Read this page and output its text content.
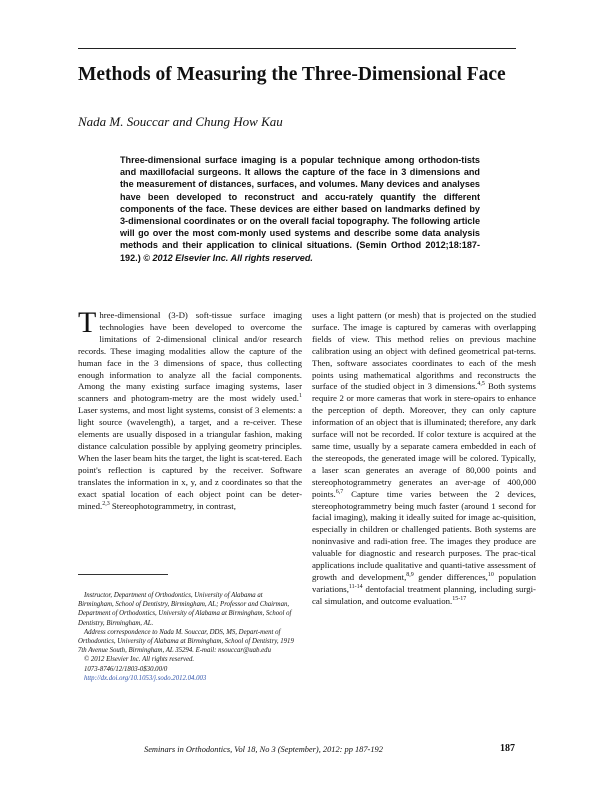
Methods of Measuring the Three-Dimensional Face
Nada M. Souccar and Chung How Kau
Three-dimensional surface imaging is a popular technique among orthodon-tists and maxillofacial surgeons. It allows the capture of the face in 3 dimensions and the measurement of distances, surfaces, and volumes. Many devices and analyses have been developed to reconstruct and accu-rately quantify the different components of the face. These devices are either based on landmarks defined by 3-dimensional coordinates or on the overall facial topography. The following article will go over the most com-monly used systems and describe some data analysis methods and their application to clinical situations. (Semin Orthod 2012;18:187-192.) © 2012 Elsevier Inc. All rights reserved.

Three-dimensional (3-D) soft-tissue surface imaging technologies have been developed to overcome the limitations of 2-dimensional clinical and/or research records. These imaging modalities allow the capture of the human face in the 3 dimensions of space, thus collecting enough information to analyze all the facial components. Among the many existing surface imaging systems, laser scanners and photogram-metry are the most widely used.$^1$ Laser systems, and most light systems, consist of 3 elements: a light source (wavelength), a target, and a re-ceiver. These elements are usually disposed in a triangular fashion, making distance calculation possible by applying geometry principles. When the laser beam hits the target, the light is scat-tered. Each point's reflection is captured by the receiver. Software translates the information in x, y, and z coordinates so that the exact spatial location of each object point can be deter-mined.$^{2,3}$ Stereophotogrammetry, in contrast,

uses a light pattern (or mesh) that is projected on the studied surface. The image is captured by cameras with overlapping fields of view. This method relies on previous machine calibration using an object with defined geometrical pat-terns. Then, software associates coordinates to each of the mesh points using mathematical algorithms and reconstructs the surface of the studied object in 3 dimensions.$^{4,5}$ Both systems require 2 or more cameras that work in stere-opairs to enhance the perception of depth. Moreover, they can only capture information of an object that is illuminated; therefore, any dark surface will not be recorded. If color texture is acquired at the same time, usually by a separate camera embedded in each of the stereopods, the generated image will be colored. Typically, a laser scan generates an average of 80,000 points and stereophotogrammetry generates an aver-age of 400,000 points.$^{6,7}$ Capture time varies between the 2 devices, stereophotogrammetry being much faster (around 1 second for facial imaging), making it ideally suited for image ac-quisition, especially in children or challenged patients. Both systems are noninvasive and radi-ation free. The images they produce are valuable for diagnostic and research purposes. The prac-tical applications include qualitative and quanti-tative assessment of growth and development,$^{8,9}$ gender differences,$^{10}$ population variations,$^{11-14}$ dentofacial treatment planning, including surgi-cal simulation, and outcome evaluation.$^{15-17}$

Instructor, Department of Orthodontics, University of Alabama at Birmingham, School of Dentistry, Birmingham, AL; Professor and Chairman, Department of Orthodontics, University of Alabama at Birmingham, School of Dentistry, Birmingham, AL.

Address correspondence to Nada M. Souccar, DDS, MS, Depart-ment of Orthodontics, University of Alabama at Birmingham, School of Dentistry, 1919 7th Avenue South, Birmingham, AL 35294. E-mail: nsouccar@uab.edu

© 2012 Elsevier Inc. All rights reserved.

1073-8746/12/1803-0$30.00/0

http://dx.doi.org/10.1053/j.sodo.2012.04.003

Seminars in Orthodontics, Vol 18, No 3 (September), 2012: pp 187-192	187
